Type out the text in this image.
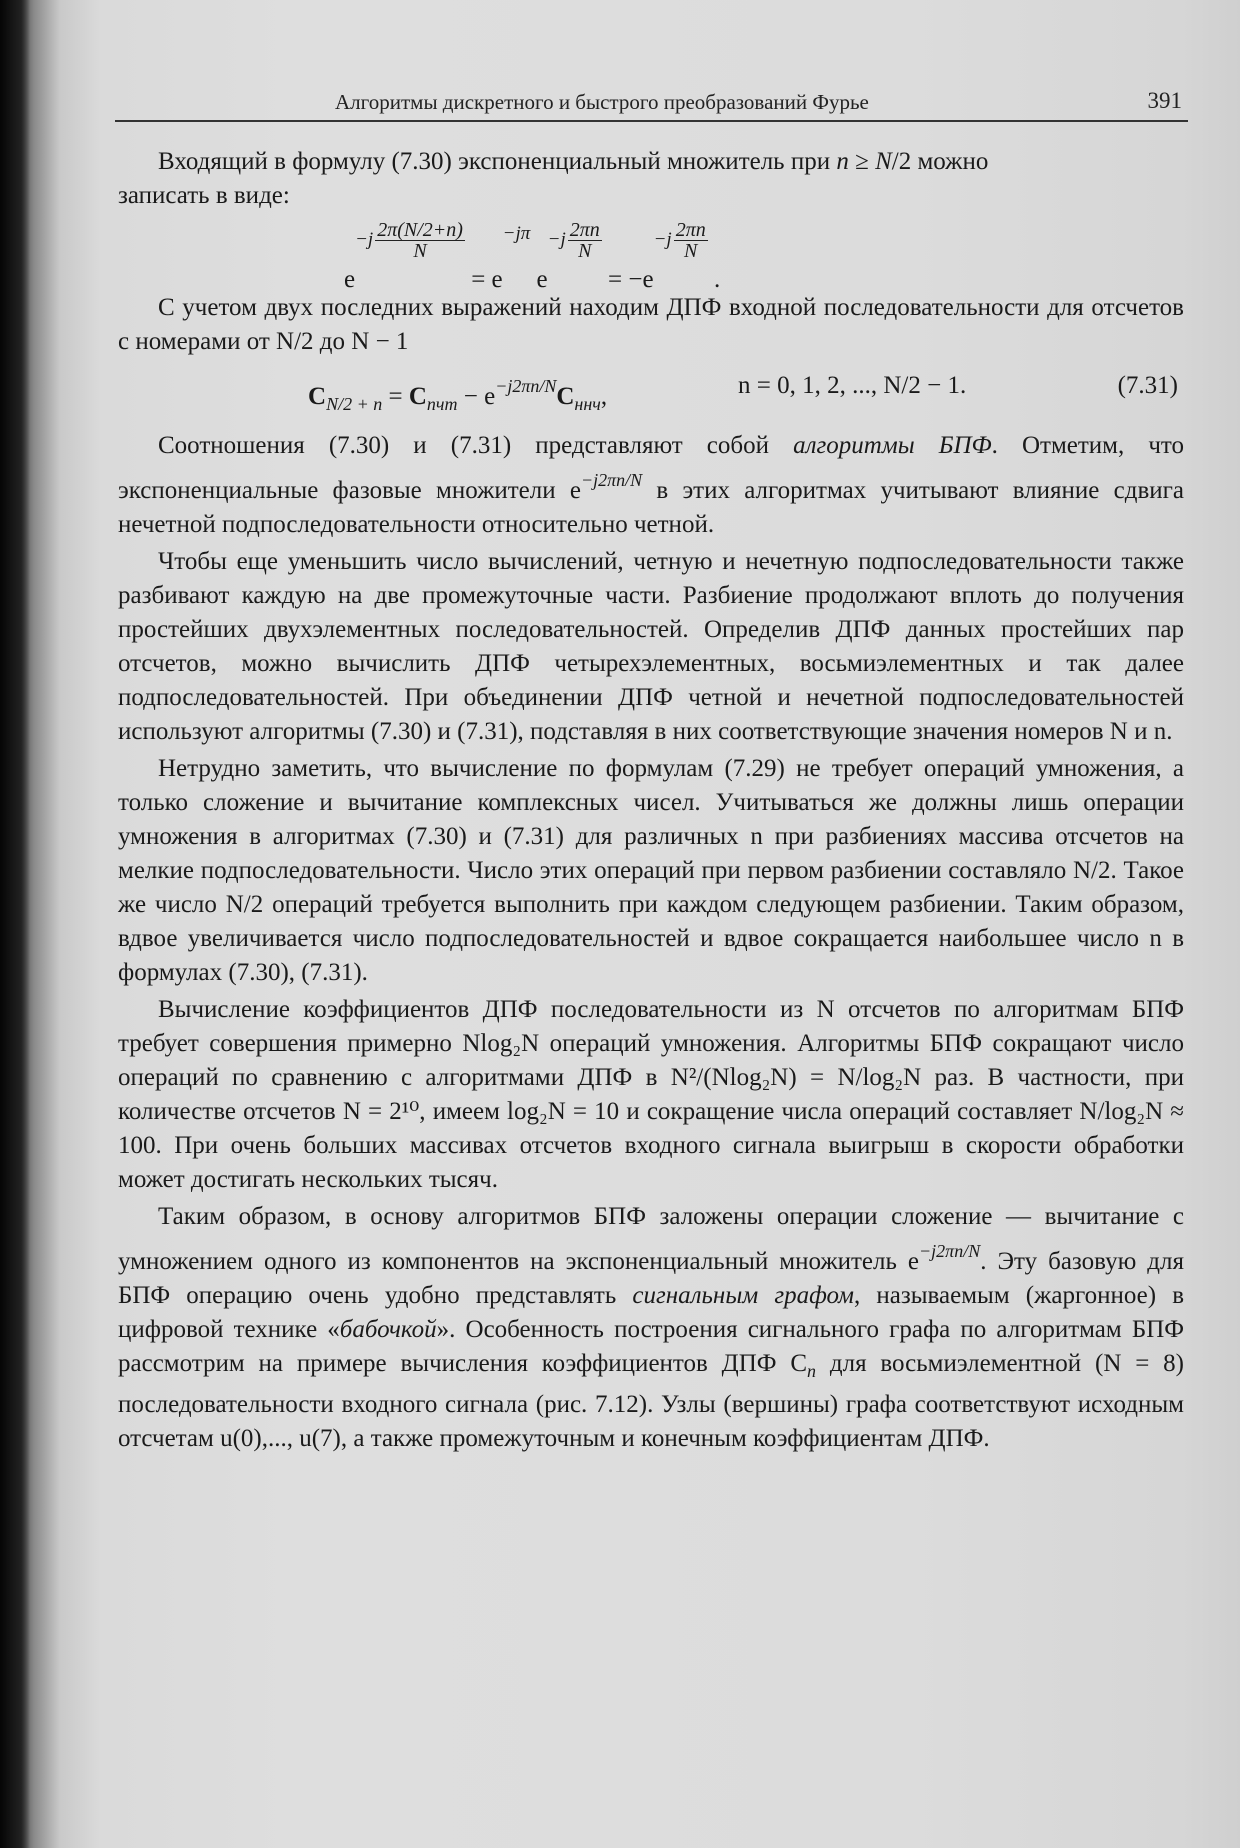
Алгоритмы дискретного и быстрого преобразований Фурье	391

Входящий в формулу (7.30) экспоненциальный множитель при n ≥ N/2 можно
записать в виде:

$e^{-j \frac{2\pi(N/2+n)}{N}}$
= $e^{-j\pi}$ $e^{-j \frac{2\pi n}{N}}$
= $-e^{-j \frac{2\pi n}{N}}$
.

С учетом двух последних выражений находим ДПФ входной последовательности для отсчетов с номерами от N/2 до N − 1

$C_{N/2 + n} = C_{пчт} - e^{-j2\pi n/N}C_{ннч}$,	n = 0, 1, 2, ..., N/2 − 1.	(7.31)

Соотношения (7.30) и (7.31) представляют собой алгоритмы БПФ. Отметим, что экспоненциальные фазовые множители $e^{-j2\pi n/N}$ в этих алгоритмах учитывают влияние сдвига нечетной подпоследовательности относительно четной.

Чтобы еще уменьшить число вычислений, четную и нечетную подпоследовательности также разбивают каждую на две промежуточные части. Разбиение продолжают вплоть до получения простейших двухэлементных последовательностей. Определив ДПФ данных простейших пар отсчетов, можно вычислить ДПФ четырехэлементных, восьмиэлементных и так далее подпоследовательностей. При объединении ДПФ четной и нечетной подпоследовательностей используют алгоритмы (7.30) и (7.31), подставляя в них соответствующие значения номеров N и n.

Нетрудно заметить, что вычисление по формулам (7.29) не требует операций умножения, а только сложение и вычитание комплексных чисел. Учитываться же должны лишь операции умножения в алгоритмах (7.30) и (7.31) для различных n при разбиениях массива отсчетов на мелкие подпоследовательности. Число этих операций при первом разбиении составляло N/2. Такое же число N/2 операций требуется выполнить при каждом следующем разбиении. Таким образом, вдвое увеличивается число подпоследовательностей и вдвое сокращается наибольшее число n в формулах (7.30), (7.31).

Вычисление коэффициентов ДПФ последовательности из N отсчетов по алгоритмам БПФ требует совершения примерно Nlog₂N операций умножения. Алгоритмы БПФ сокращают число операций по сравнению с алгоритмами ДПФ в N²/(Nlog₂N) = N/log₂N раз. В частности, при количестве отсчетов N = 2¹⁰, имеем log₂N = 10 и сокращение числа операций составляет N/log₂N ≈ 100. При очень больших массивах отсчетов входного сигнала выигрыш в скорости обработки может достигать нескольких тысяч.

Таким образом, в основу алгоритмов БПФ заложены операции сложение — вычитание с умножением одного из компонентов на экспоненциальный множитель $e^{-j2\pi n/N}$. Эту базовую для БПФ операцию очень удобно представлять сигнальным графом, называемым (жаргонное) в цифровой технике «бабочкой». Особенность построения сигнального графа по алгоритмам БПФ рассмотрим на примере вычисления коэффициентов ДПФ $C_n$ для восьмиэлементной (N = 8) последовательности входного сигнала (рис. 7.12). Узлы (вершины) графа соответствуют исходным отсчетам u(0),..., u(7), а также промежуточным и конечным коэффициентам ДПФ.
